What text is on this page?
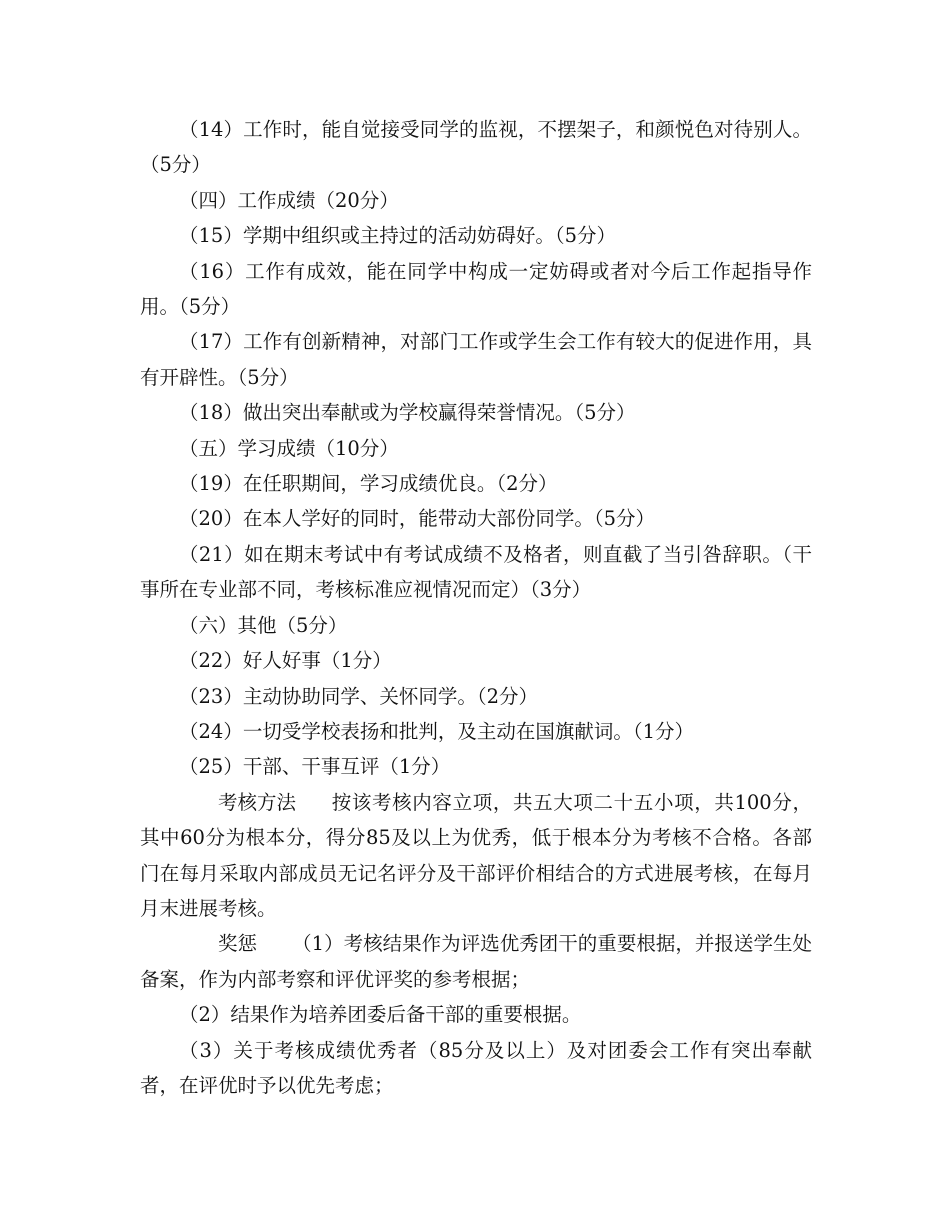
（14）工作时，能自觉接受同学的监视，不摆架子，和颜悦色对待别人。（5分）

（四）工作成绩（20分）

（15）学期中组织或主持过的活动妨碍好。（5分）

（16）工作有成效，能在同学中构成一定妨碍或者对今后工作起指导作用。（5分）

（17）工作有创新精神，对部门工作或学生会工作有较大的促进作用，具有开辟性。（5分）

（18）做出突出奉献或为学校赢得荣誉情况。（5分）

（五）学习成绩（10分）

（19）在任职期间，学习成绩优良。（2分）

（20）在本人学好的同时，能带动大部份同学。（5分）

（21）如在期末考试中有考试成绩不及格者，则直截了当引咎辞职。（干事所在专业部不同，考核标准应视情况而定）（3分）

（六）其他（5分）

（22）好人好事（1分）

（23）主动协助同学、关怀同学。（2分）

（24）一切受学校表扬和批判，及主动在国旗献词。（1分）

（25）干部、干事互评（1分）

考核方法 按该考核内容立项，共五大项二十五小项，共100分，其中60分为根本分，得分85及以上为优秀，低于根本分为考核不合格。各部门在每月采取内部成员无记名评分及干部评价相结合的方式进展考核，在每月月末进展考核。

奖惩 （1）考核结果作为评选优秀团干的重要根据，并报送学生处备案，作为内部考察和评优评奖的参考根据；

（2）结果作为培养团委后备干部的重要根据。

（3）关于考核成绩优秀者（85分及以上）及对团委会工作有突出奉献者，在评优时予以优先考虑；
